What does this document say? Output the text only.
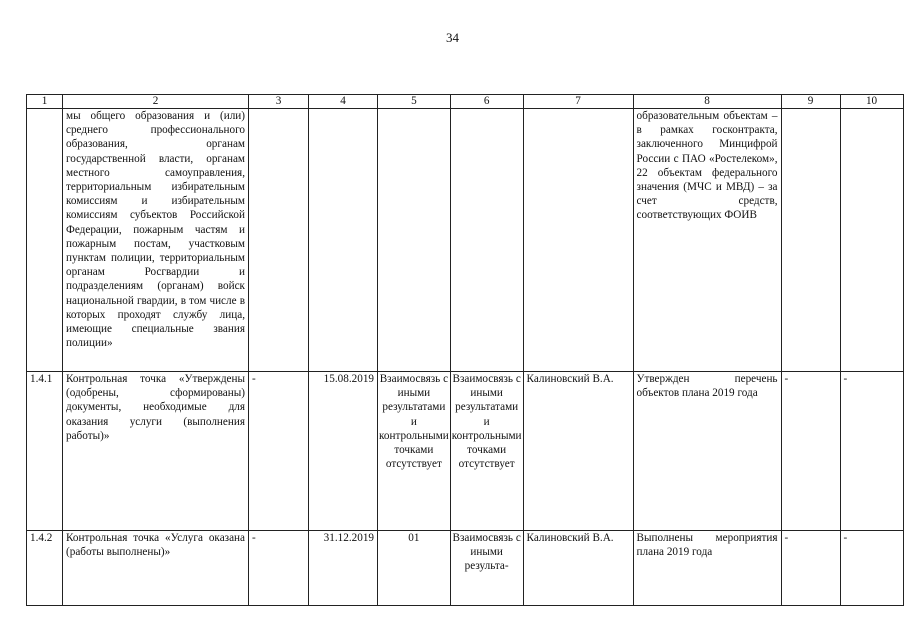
34
1	2	3	4	5	6	7	8	9	10
	мы общего образования и (или) среднего профессионального образования, органам государственной власти, органам местного самоуправления, территориальным избирательным комиссиям и избирательным комиссиям субъектов Российской Федерации, пожарным частям и пожарным постам, участковым пунктам полиции, территориальным органам Росгвардии и подразделениям (органам) войск национальной гвардии, в том числе в которых проходят службу лица, имеющие специальные звания полиции»						образовательным объектам – в рамках госконтракта, заключенного Минцифрой России с ПАО «Ростелеком», 22 объектам федерального значения (МЧС и МВД) – за счет средств, соответствующих ФОИВ		
1.4.1	Контрольная точка «Утверждены (одобрены, сформированы) документы, необходимые для оказания услуги (выполнения работы)»	-	15.08.2019	Взаимосвязь с иными результатами и контрольными точками отсутствует	Взаимосвязь с иными результатами и контрольными точками отсутствует	Калиновский В.А.	Утвержден перечень объектов плана 2019 года	-	-
1.4.2	Контрольная точка «Услуга оказана (работы выполнены)»	-	31.12.2019	01	Взаимосвязь с иными результа-	Калиновский В.А.	Выполнены мероприятия плана 2019 года	-	-
